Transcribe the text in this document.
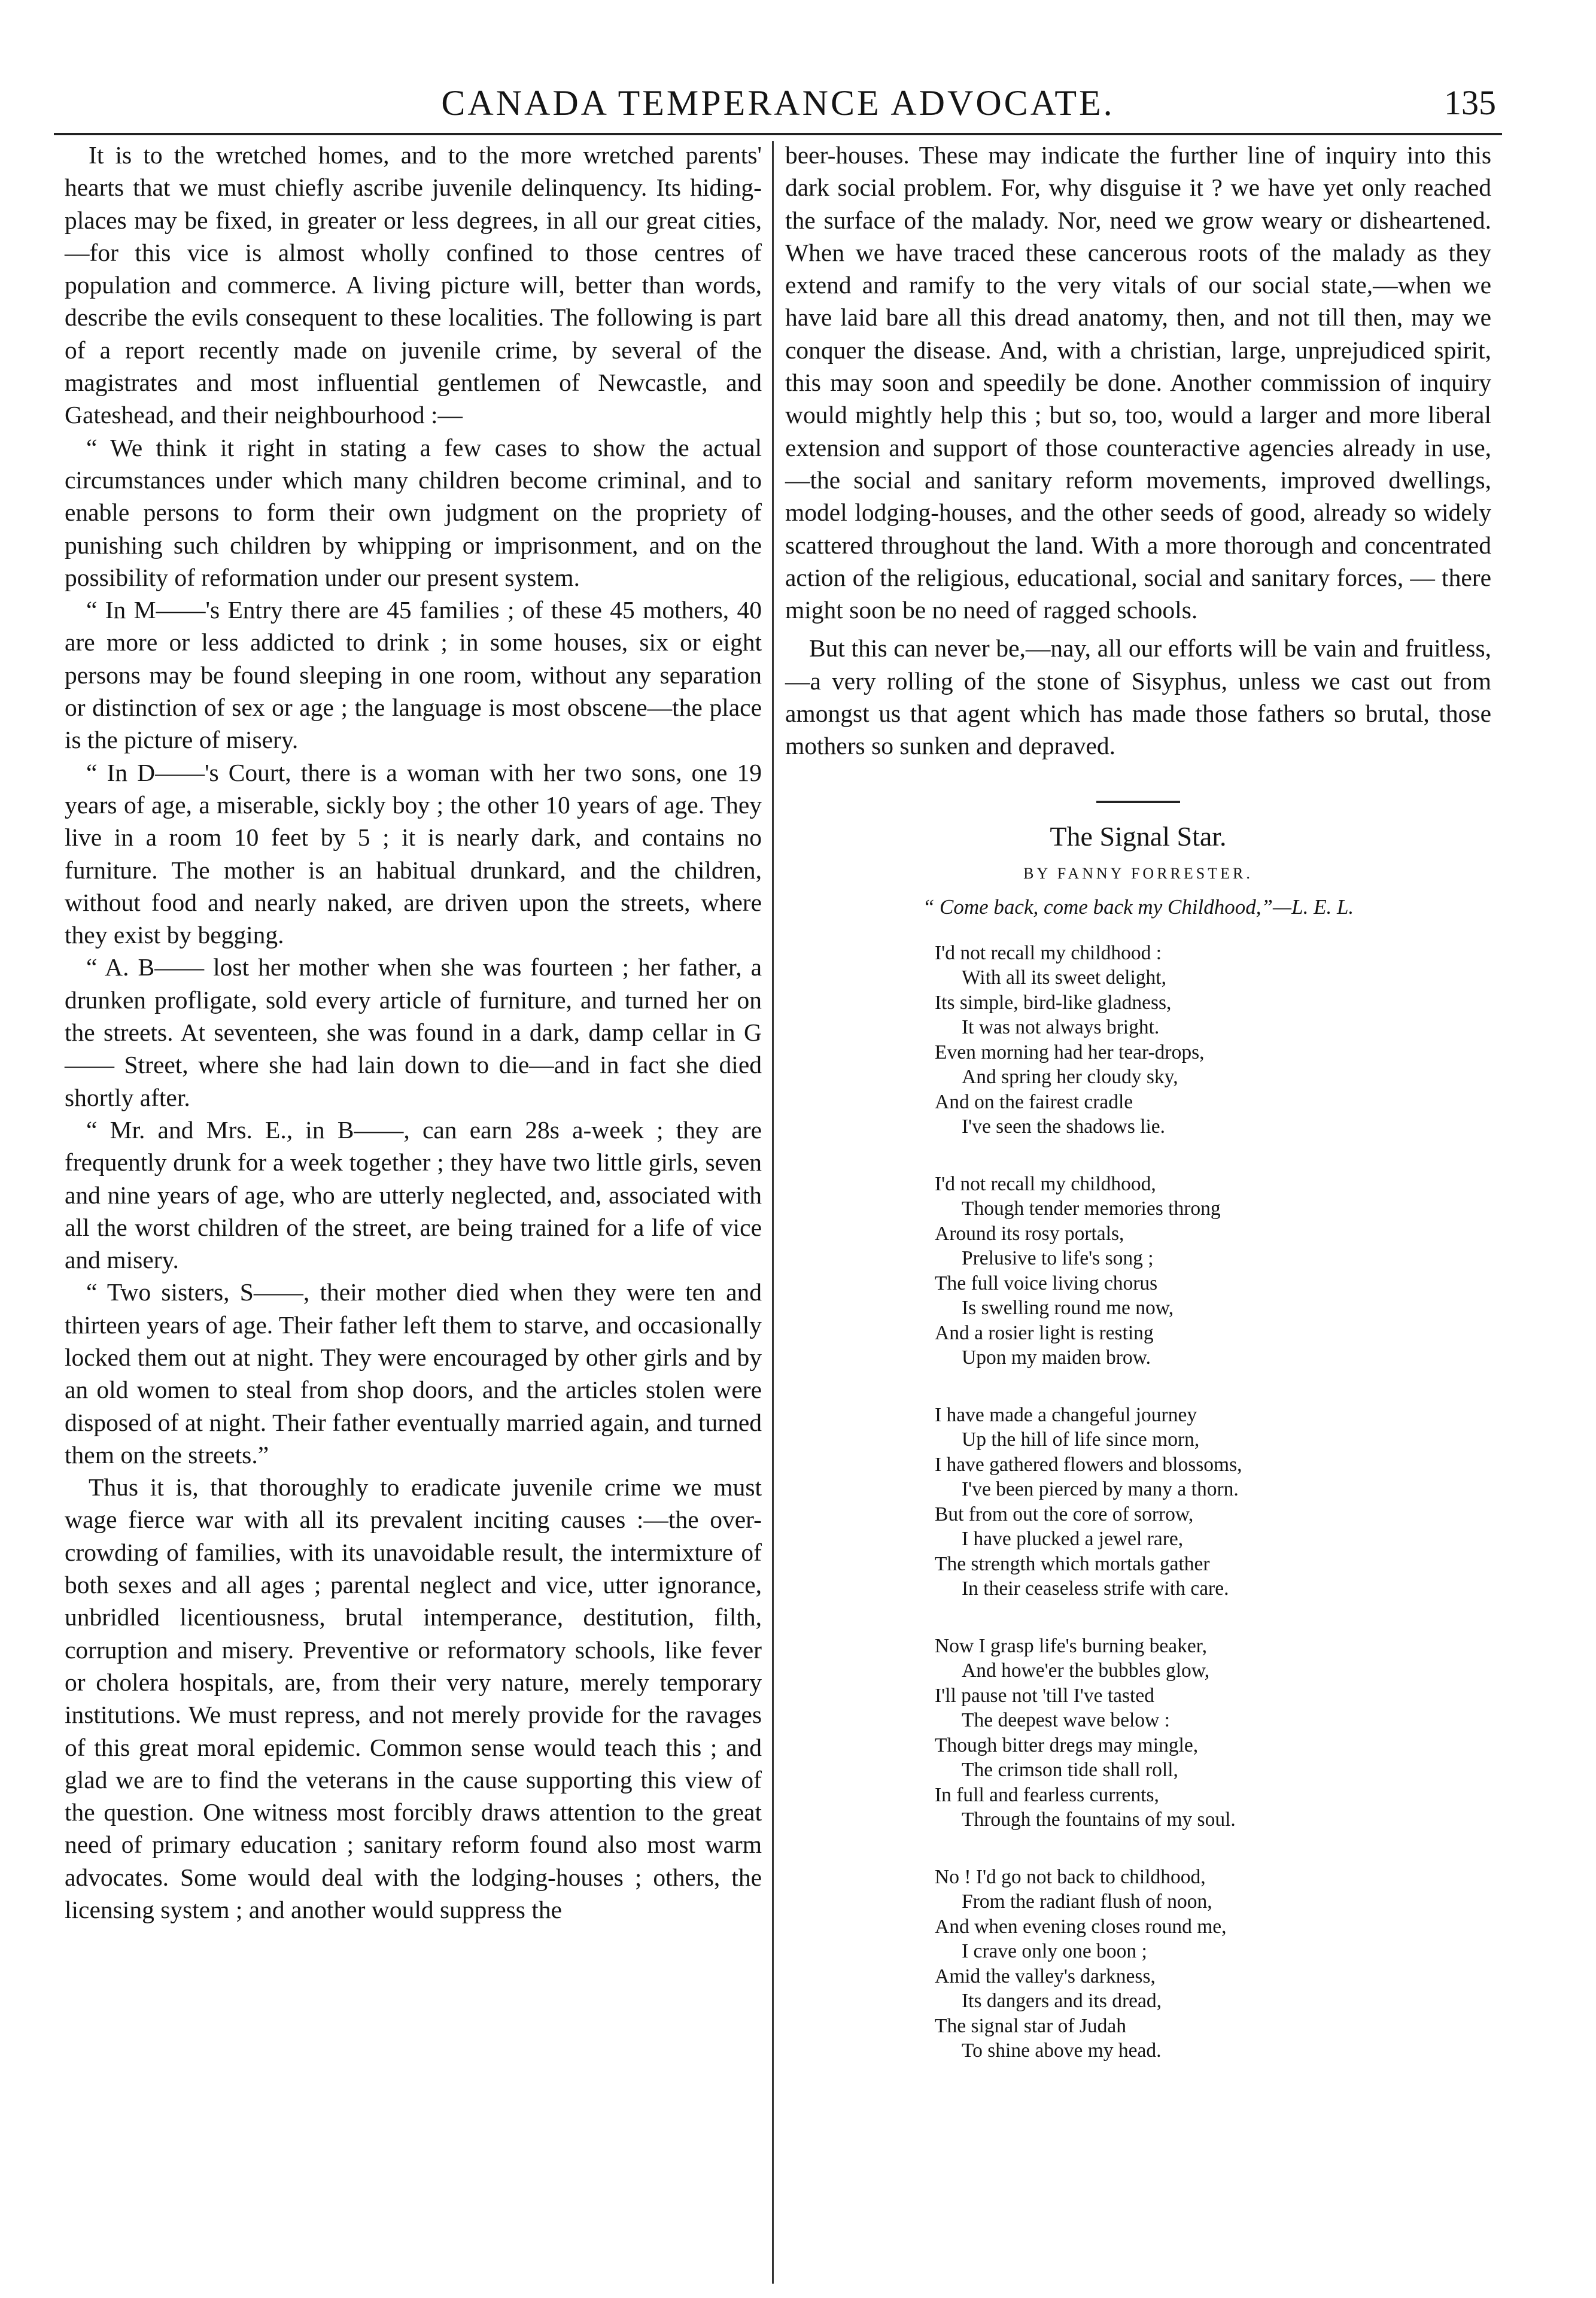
CANADA TEMPERANCE ADVOCATE.	135

It is to the wretched homes, and to the more wretched parents' hearts that we must chiefly ascribe juvenile delinquency. Its hiding-places may be fixed, in greater or less degrees, in all our great cities,—for this vice is almost wholly confined to those centres of population and commerce. A living picture will, better than words, describe the evils consequent to these localities. The following is part of a report recently made on juvenile crime, by several of the magistrates and most influential gentlemen of Newcastle, and Gateshead, and their neighbourhood :—

“ We think it right in stating a few cases to show the actual circumstances under which many children become criminal, and to enable persons to form their own judgment on the propriety of punishing such children by whipping or imprisonment, and on the possibility of reformation under our present system.

“ In M——'s Entry there are 45 families ; of these 45 mothers, 40 are more or less addicted to drink ; in some houses, six or eight persons may be found sleeping in one room, without any separation or distinction of sex or age ; the language is most obscene—the place is the picture of misery.

“ In D——'s Court, there is a woman with her two sons, one 19 years of age, a miserable, sickly boy ; the other 10 years of age. They live in a room 10 feet by 5 ; it is nearly dark, and contains no furniture. The mother is an habitual drunkard, and the children, without food and nearly naked, are driven upon the streets, where they exist by begging.

“ A. B—— lost her mother when she was fourteen ; her father, a drunken profligate, sold every article of furniture, and turned her on the streets. At seventeen, she was found in a dark, damp cellar in G—— Street, where she had lain down to die—and in fact she died shortly after.

“ Mr. and Mrs. E., in B——, can earn 28s a-week ; they are frequently drunk for a week together ; they have two little girls, seven and nine years of age, who are utterly neglected, and, associated with all the worst children of the street, are being trained for a life of vice and misery.

“ Two sisters, S——, their mother died when they were ten and thirteen years of age. Their father left them to starve, and occasionally locked them out at night. They were encouraged by other girls and by an old women to steal from shop doors, and the articles stolen were disposed of at night. Their father eventually married again, and turned them on the streets.”

Thus it is, that thoroughly to eradicate juvenile crime we must wage fierce war with all its prevalent inciting causes :—the over-crowding of families, with its unavoidable result, the intermixture of both sexes and all ages ; parental neglect and vice, utter ignorance, unbridled licentiousness, brutal intemperance, destitution, filth, corruption and misery. Preventive or reformatory schools, like fever or cholera hospitals, are, from their very nature, merely temporary institutions. We must repress, and not merely provide for the ravages of this great moral epidemic. Common sense would teach this ; and glad we are to find the veterans in the cause supporting this view of the question. One witness most forcibly draws attention to the great need of primary education ; sanitary reform found also most warm advocates. Some would deal with the lodging-houses ; others, the licensing system ; and another would suppress the

beer-houses. These may indicate the further line of inquiry into this dark social problem. For, why disguise it ? we have yet only reached the surface of the malady. Nor, need we grow weary or disheartened. When we have traced these cancerous roots of the malady as they extend and ramify to the very vitals of our social state,—when we have laid bare all this dread anatomy, then, and not till then, may we conquer the disease. And, with a christian, large, unprejudiced spirit, this may soon and speedily be done. Another commission of inquiry would mightly help this ; but so, too, would a larger and more liberal extension and support of those counteractive agencies already in use,—the social and sanitary reform movements, improved dwellings, model lodging-houses, and the other seeds of good, already so widely scattered throughout the land. With a more thorough and concentrated action of the religious, educational, social and sanitary forces, — there might soon be no need of ragged schools.

But this can never be,—nay, all our efforts will be vain and fruitless,—a very rolling of the stone of Sisyphus, unless we cast out from amongst us that agent which has made those fathers so brutal, those mothers so sunken and depraved.

The Signal Star.

BY FANNY FORRESTER.

“ Come back, come back my Childhood,”—L. E. L.

I'd not recall my childhood :
With all its sweet delight,
Its simple, bird-like gladness,
It was not always bright.
Even morning had her tear-drops,
And spring her cloudy sky,
And on the fairest cradle
I've seen the shadows lie.
I'd not recall my childhood,
Though tender memories throng
Around its rosy portals,
Prelusive to life's song ;
The full voice living chorus
Is swelling round me now,
And a rosier light is resting
Upon my maiden brow.
I have made a changeful journey
Up the hill of life since morn,
I have gathered flowers and blossoms,
I've been pierced by many a thorn.
But from out the core of sorrow,
I have plucked a jewel rare,
The strength which mortals gather
In their ceaseless strife with care.
Now I grasp life's burning beaker,
And howe'er the bubbles glow,
I'll pause not 'till I've tasted
The deepest wave below :
Though bitter dregs may mingle,
The crimson tide shall roll,
In full and fearless currents,
Through the fountains of my soul.
No ! I'd go not back to childhood,
From the radiant flush of noon,
And when evening closes round me,
I crave only one boon ;
Amid the valley's darkness,
Its dangers and its dread,
The signal star of Judah
To shine above my head.
